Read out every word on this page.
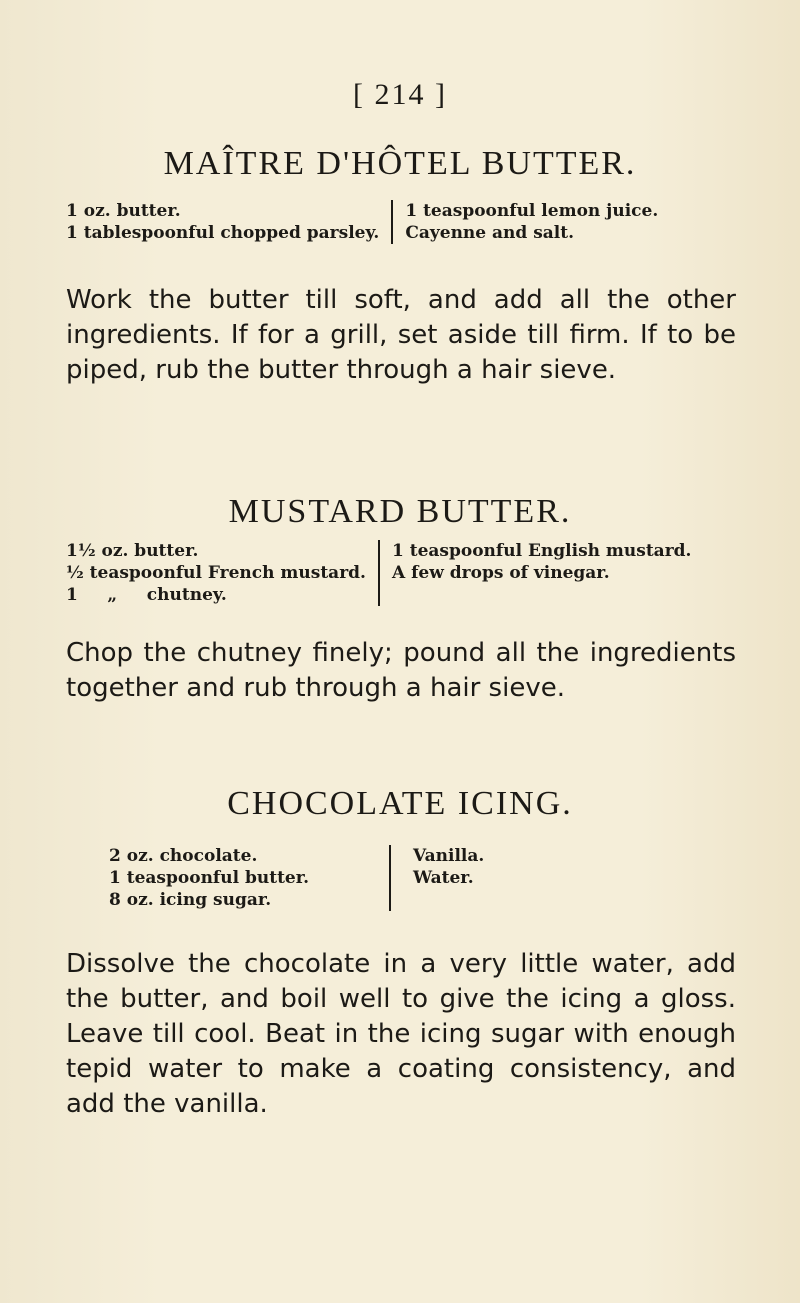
[ 214 ]
MAÎTRE D'HÔTEL BUTTER.
1 oz. butter.
1 tablespoonful chopped parsley.
1 teaspoonful lemon juice.
Cayenne and salt.
Work the butter till soft, and add all the other ingredients. If for a grill, set aside till firm. If to be piped, rub the butter through a hair sieve.
MUSTARD BUTTER.
1½ oz. butter.
½ teaspoonful French mustard.
1     „     chutney.
1 teaspoonful English mustard.
A few drops of vinegar.
Chop the chutney finely; pound all the ingredients together and rub through a hair sieve.
CHOCOLATE ICING.
2 oz. chocolate.
1 teaspoonful butter.
8 oz. icing sugar.
Vanilla.
Water.
Dissolve the chocolate in a very little water, add the butter, and boil well to give the icing a gloss. Leave till cool. Beat in the icing sugar with enough tepid water to make a coating consistency, and add the vanilla.
